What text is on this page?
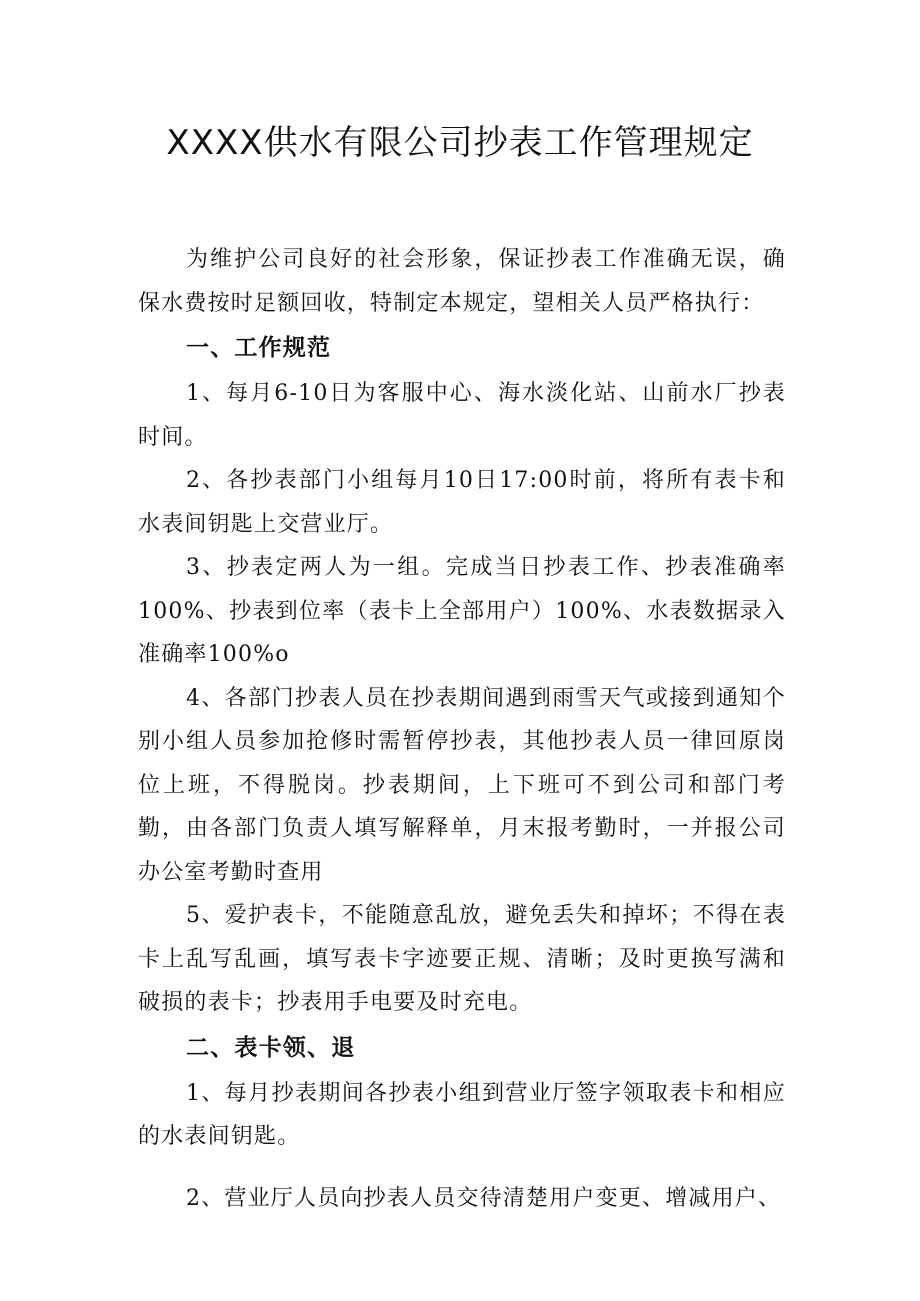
XXXX供水有限公司抄表工作管理规定

为维护公司良好的社会形象，保证抄表工作准确无误，确保水费按时足额回收，特制定本规定，望相关人员严格执行：

一、工作规范

1、每月6-10日为客服中心、海水淡化站、山前水厂抄表时间。

2、各抄表部门小组每月10日17:00时前，将所有表卡和水表间钥匙上交营业厅。

3、抄表定两人为一组。完成当日抄表工作、抄表准确率100%、抄表到位率（表卡上全部用户）100%、水表数据录入准确率100%o

4、各部门抄表人员在抄表期间遇到雨雪天气或接到通知个别小组人员参加抢修时需暂停抄表，其他抄表人员一律回原岗位上班，不得脱岗。抄表期间，上下班可不到公司和部门考勤，由各部门负责人填写解释单，月末报考勤时，一并报公司办公室考勤时查用

5、爱护表卡，不能随意乱放，避免丢失和掉坏；不得在表卡上乱写乱画，填写表卡字迹要正规、清晰；及时更换写满和破损的表卡；抄表用手电要及时充电。

二、表卡领、退

1、每月抄表期间各抄表小组到营业厅签字领取表卡和相应的水表间钥匙。

2、营业厅人员向抄表人员交待清楚用户变更、增减用户、
